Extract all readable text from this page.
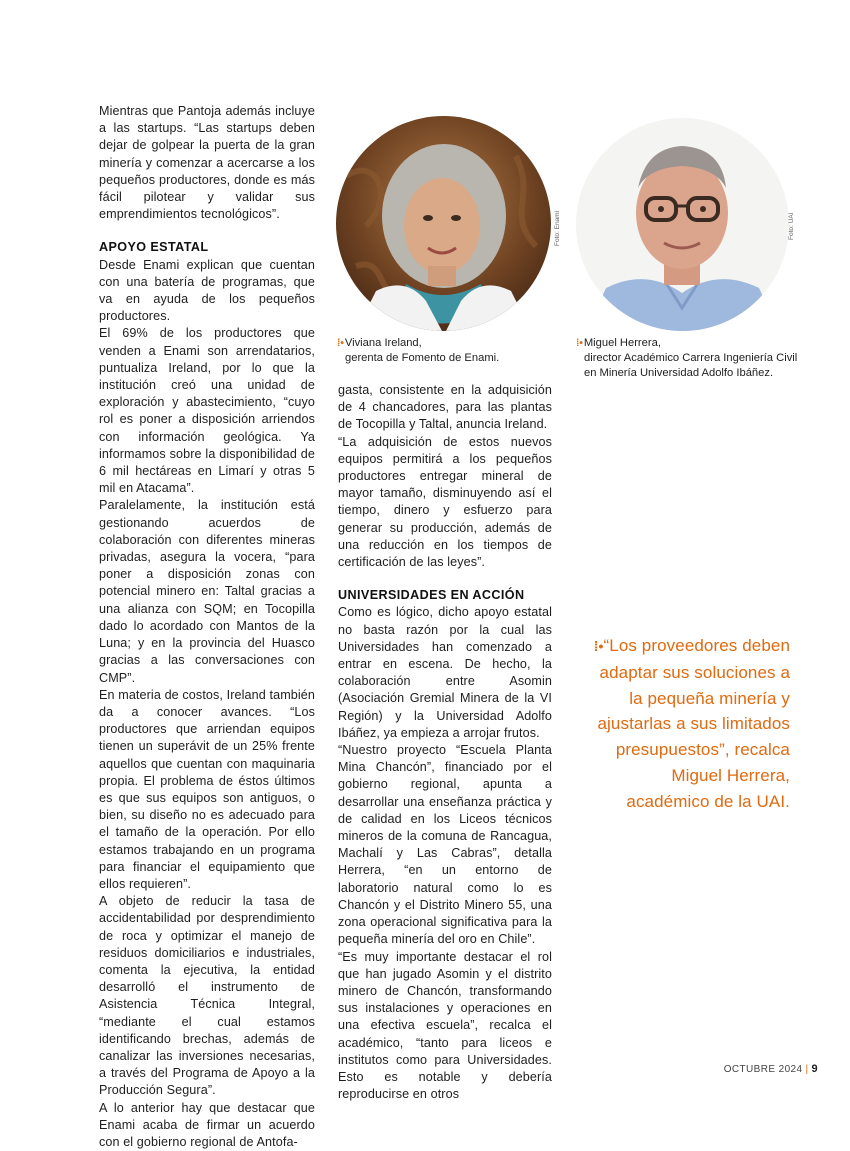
Mientras que Pantoja además incluye a las startups. “Las startups deben dejar de golpear la puerta de la gran minería y comenzar a acercarse a los pequeños productores, donde es más fácil pilotear y validar sus emprendimientos tecnológicos”.

APOYO ESTATAL

Desde Enami explican que cuentan con una batería de programas, que va en ayuda de los pequeños productores.

El 69% de los productores que venden a Enami son arrendatarios, puntualiza Ireland, por lo que la institución creó una unidad de exploración y abastecimiento, “cuyo rol es poner a disposición arriendos con información geológica. Ya informamos sobre la disponibilidad de 6 mil hectáreas en Limarí y otras 5 mil en Atacama”.

Paralelamente, la institución está gestionando acuerdos de colaboración con diferentes mineras privadas, asegura la vocera, “para poner a disposición zonas con potencial minero en: Taltal gracias a una alianza con SQM; en Tocopilla dado lo acordado con Mantos de la Luna; y en la provincia del Huasco gracias a las conversaciones con CMP”.

En materia de costos, Ireland también da a conocer avances. “Los productores que arriendan equipos tienen un superávit de un 25% frente aquellos que cuentan con maquinaria propia. El problema de éstos últimos es que sus equipos son antiguos, o bien, su diseño no es adecuado para el tamaño de la operación. Por ello estamos trabajando en un programa para financiar el equipamiento que ellos requieren”.

A objeto de reducir la tasa de accidentabilidad por desprendimiento de roca y optimizar el manejo de residuos domiciliarios e industriales, comenta la ejecutiva, la entidad desarrolló el instrumento de Asistencia Técnica Integral, “mediante el cual estamos identificando brechas, además de canalizar las inversiones necesarias, a través del Programa de Apoyo a la Producción Segura”.

A lo anterior hay que destacar que Enami acaba de firmar un acuerdo con el gobierno regional de Antofa-

Foto: Enami	Foto: UAI
⁞•Viviana Ireland,
gerenta de Fomento de Enami.
⁞•Miguel Herrera,
director Académico Carrera Ingeniería Civil
en Minería Universidad Adolfo Ibáñez.

gasta, consistente en la adquisición de 4 chancadores, para las plantas de Tocopilla y Taltal, anuncia Ireland.

“La adquisición de estos nuevos equipos permitirá a los pequeños productores entregar mineral de mayor tamaño, disminuyendo así el tiempo, dinero y esfuerzo para generar su producción, además de una reducción en los tiempos de certificación de las leyes”.

UNIVERSIDADES EN ACCIÓN

Como es lógico, dicho apoyo estatal no basta razón por la cual las Universidades han comenzado a entrar en escena. De hecho, la colaboración entre Asomin (Asociación Gremial Minera de la VI Región) y la Universidad Adolfo Ibáñez, ya empieza a arrojar frutos.

“Nuestro proyecto “Escuela Planta Mina Chancón”, financiado por el gobierno regional, apunta a desarrollar una enseñanza práctica y de calidad en los Liceos técnicos mineros de la comuna de Rancagua, Machalí y Las Cabras”, detalla Herrera, “en un entorno de laboratorio natural como lo es Chancón y el Distrito Minero 55, una zona operacional significativa para la pequeña minería del oro en Chile”.

“Es muy importante destacar el rol que han jugado Asomin y el distrito minero de Chancón, transformando sus instalaciones y operaciones en una efectiva escuela”, recalca el académico, “tanto para liceos e institutos como para Universidades. Esto es notable y debería reproducirse en otros

⁞•“Los proveedores deben adaptar sus soluciones a la pequeña minería y ajustarlas a sus limitados presupuestos”, recalca Miguel Herrera, académico de la UAI.
OCTUBRE 2024 | 9
